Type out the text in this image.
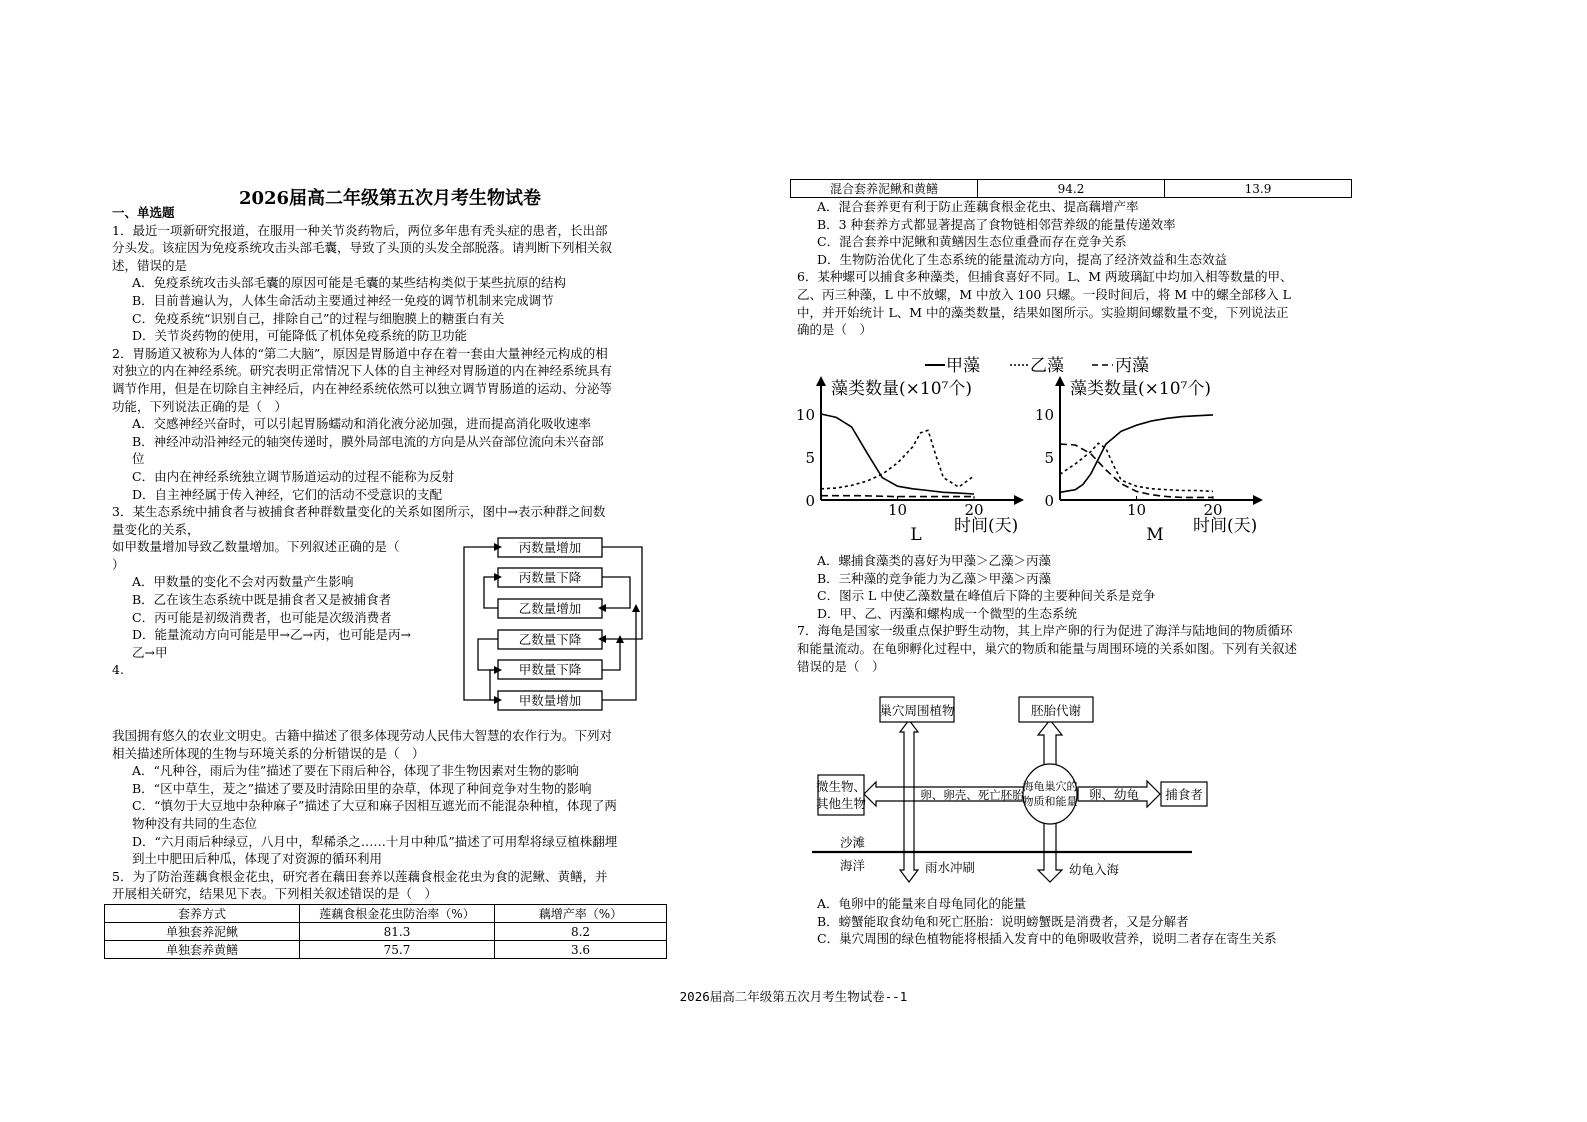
2026届高二年级第五次月考生物试卷

一、单选题

1．最近一项新研究报道，在服用一种关节炎药物后，两位多年患有秃头症的患者，长出部

分头发。该症因为免疫系统攻击头部毛囊，导致了头顶的头发全部脱落。请判断下列相关叙

述，错误的是

A．免疫系统攻击头部毛囊的原因可能是毛囊的某些结构类似于某些抗原的结构

B．目前普遍认为，人体生命活动主要通过神经一免疫的调节机制来完成调节

C．免疫系统“识别自己，排除自己”的过程与细胞膜上的糖蛋白有关

D．关节炎药物的使用，可能降低了机体免疫系统的防卫功能

2．胃肠道又被称为人体的“第二大脑”，原因是胃肠道中存在着一套由大量神经元构成的相

对独立的内在神经系统。研究表明正常情况下人体的自主神经对胃肠道的内在神经系统具有

调节作用，但是在切除自主神经后，内在神经系统依然可以独立调节胃肠道的运动、分泌等

功能，下列说法正确的是（　）

A．交感神经兴奋时，可以引起胃肠蠕动和消化液分泌加强，进而提高消化吸收速率

B．神经冲动沿神经元的轴突传递时，膜外局部电流的方向是从兴奋部位流向未兴奋部

位

C．由内在神经系统独立调节肠道运动的过程不能称为反射

D．自主神经属于传入神经，它们的活动不受意识的支配

3．某生态系统中捕食者与被捕食者种群数量变化的关系如图所示，图中→表示种群之间数

量变化的关系，

如甲数量增加导致乙数量增加。下列叙述正确的是（

）

A．甲数量的变化不会对丙数量产生影响

B．乙在该生态系统中既是捕食者又是被捕食者

C．丙可能是初级消费者，也可能是次级消费者

D．能量流动方向可能是甲→乙→丙，也可能是丙→

乙→甲

4.

丙数量增加
丙数量下降
乙数量增加
乙数量下降
甲数量下降
甲数量增加

我国拥有悠久的农业文明史。古籍中描述了很多体现劳动人民伟大智慧的农作行为。下列对

相关描述所体现的生物与环境关系的分析错误的是（　）

A．“凡种谷，雨后为佳”描述了要在下雨后种谷，体现了非生物因素对生物的影响

B．“区中草生，茇之”描述了要及时清除田里的杂草，体现了种间竞争对生物的影响

C．“慎勿于大豆地中杂种麻子”描述了大豆和麻子因相互遮光而不能混杂种植，体现了两

物种没有共同的生态位

D．“六月雨后种绿豆，八月中，犁稀杀之……十月中种瓜”描述了可用犁将绿豆植株翻埋

到土中肥田后种瓜，体现了对资源的循环利用

5．为了防治莲藕食根金花虫，研究者在藕田套养以莲藕食根金花虫为食的泥鳅、黄鳝，并

开展相关研究，结果见下表。下列相关叙述错误的是（　）

套养方式	莲藕食根金花虫防治率（%）	藕增产率（%）
单独套养泥鳅	81.3	8.2
单独套养黄鳝	75.7	3.6
混合套养泥鳅和黄鳝	94.2	13.9

A．混合套养更有利于防止莲藕食根金花虫、提高藕增产率

B．3 种套养方式都显著提高了食物链相邻营养级的能量传递效率

C．混合套养中泥鳅和黄鳝因生态位重叠而存在竞争关系

D．生物防治优化了生态系统的能量流动方向，提高了经济效益和生态效益

6．某种螺可以捕食多种藻类，但捕食喜好不同。L、M 两玻璃缸中均加入相等数量的甲、

乙、丙三种藻，L 中不放螺，M 中放入 100 只螺。一段时间后，将 M 中的螺全部移入 L

中，并开始统计 L、M 中的藻类数量，结果如图所示。实验期间螺数量不变，下列说法正

确的是（　）

甲藻	乙藻	丙藻
藻类数量(×10⁷个)
0
5
10
10	20
时间(天)
L
藻类数量(×10⁷个)
0
5
10
10	20
时间(天)
M

A．螺捕食藻类的喜好为甲藻＞乙藻＞丙藻

B．三种藻的竞争能力为乙藻＞甲藻＞丙藻

C．图示 L 中使乙藻数量在峰值后下降的主要种间关系是竞争

D．甲、乙、丙藻和螺构成一个微型的生态系统

7．海龟是国家一级重点保护野生动物，其上岸产卵的行为促进了海洋与陆地间的物质循环

和能量流动。在龟卵孵化过程中，巢穴的物质和能量与周围环境的关系如图。下列有关叙述

错误的是（　）

巢穴周围植物	胚胎代谢
微生物、
其他生物
卵、卵壳、死亡胚胎
海龟巢穴的
物质和能量 卵、幼龟 捕食者
沙滩
海洋	雨水冲刷	幼龟入海

A．龟卵中的能量来自母龟同化的能量

B．螃蟹能取食幼龟和死亡胚胎：说明螃蟹既是消费者，又是分解者

C．巢穴周围的绿色植物能将根插入发育中的龟卵吸收营养，说明二者存在寄生关系

2026届高二年级第五次月考生物试卷--1
